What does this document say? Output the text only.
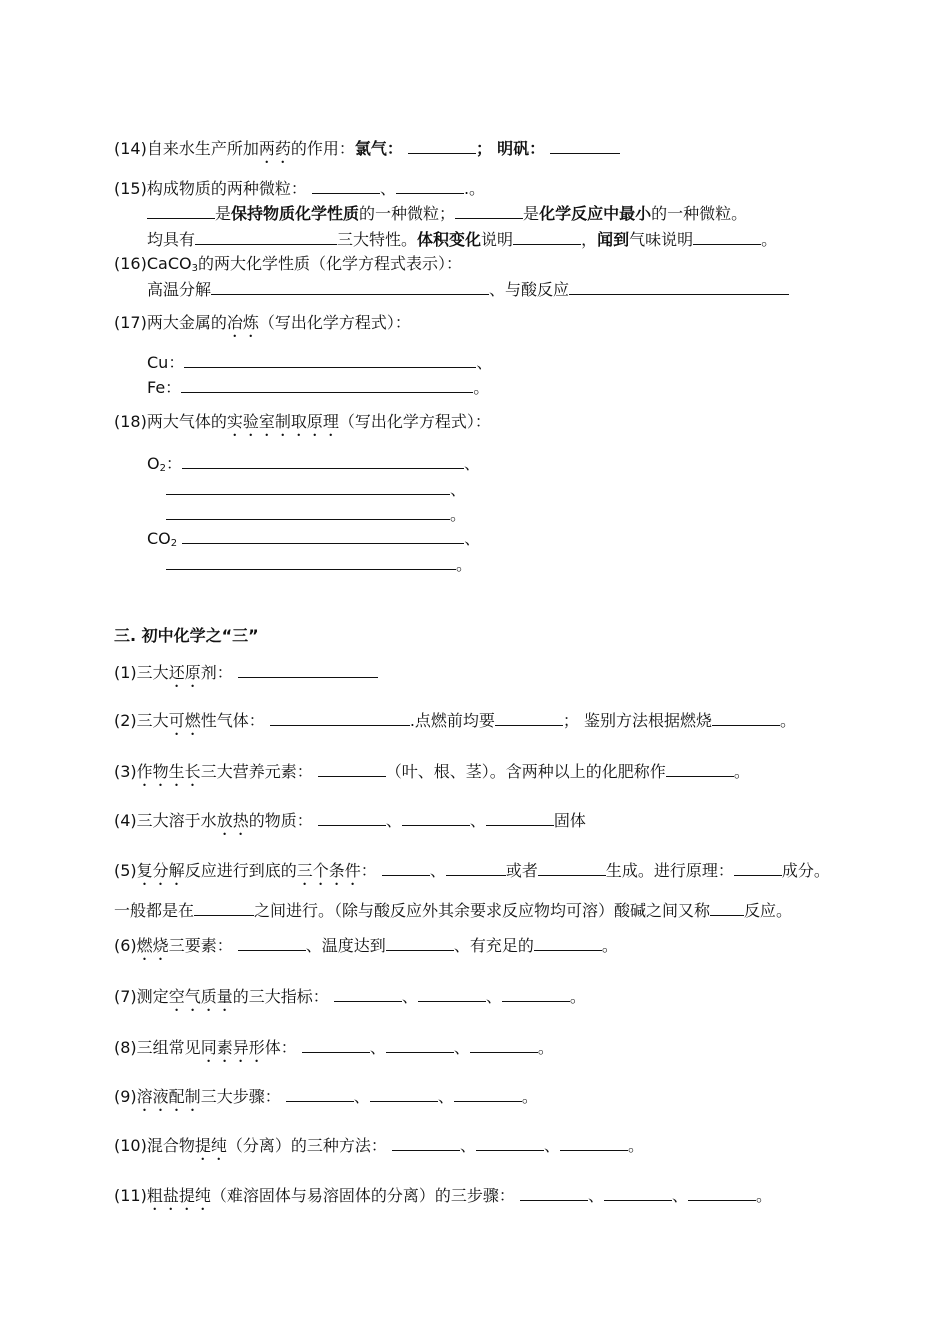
(14)自来水生产所加两药的作用：氯气：	； 明矾：
(15)构成物质的两种微粒：	、	.。
是保持物质化学性质的一种微粒；	是化学反应中最小的一种微粒。
均具有	三大特性。体积变化说明	，闻到气味说明	。
(16)CaCO$_3$的两大化学性质（化学方程式表示）：
高温分解	、与酸反应
(17)两大金属的冶炼（写出化学方程式）：
Cu：	、
Fe：	。
(18)两大气体的实验室制取原理（写出化学方程式）：
$O_2$：	、
、
。
$CO_2$	、
。
三. 初中化学之“三”
(1)三大还原剂：
(2)三大可燃性气体：	.点燃前均要	； 鉴别方法根据燃烧	。
(3)作物生长三大营养元素：	（叶、根、茎）。含两种以上的化肥称作	。
(4)三大溶于水放热的物质：	、	、	固体
(5)复分解反应进行到底的三个条件：	、	或者	生成。进行原理：	成分。
一般都是在	之间进行。（除与酸反应外其余要求反应物均可溶）酸碱之间又称 反应。
(6)燃烧三要素：	、温度达到	、有充足的	。
(7)测定空气质量的三大指标：	、	、	。
(8)三组常见同素异形体：	、	、	。
(9)溶液配制三大步骤：	、	、	。
(10)混合物提纯（分离）的三种方法：	、	、	。
(11)粗盐提纯（难溶固体与易溶固体的分离）的三步骤：	、	、	。
